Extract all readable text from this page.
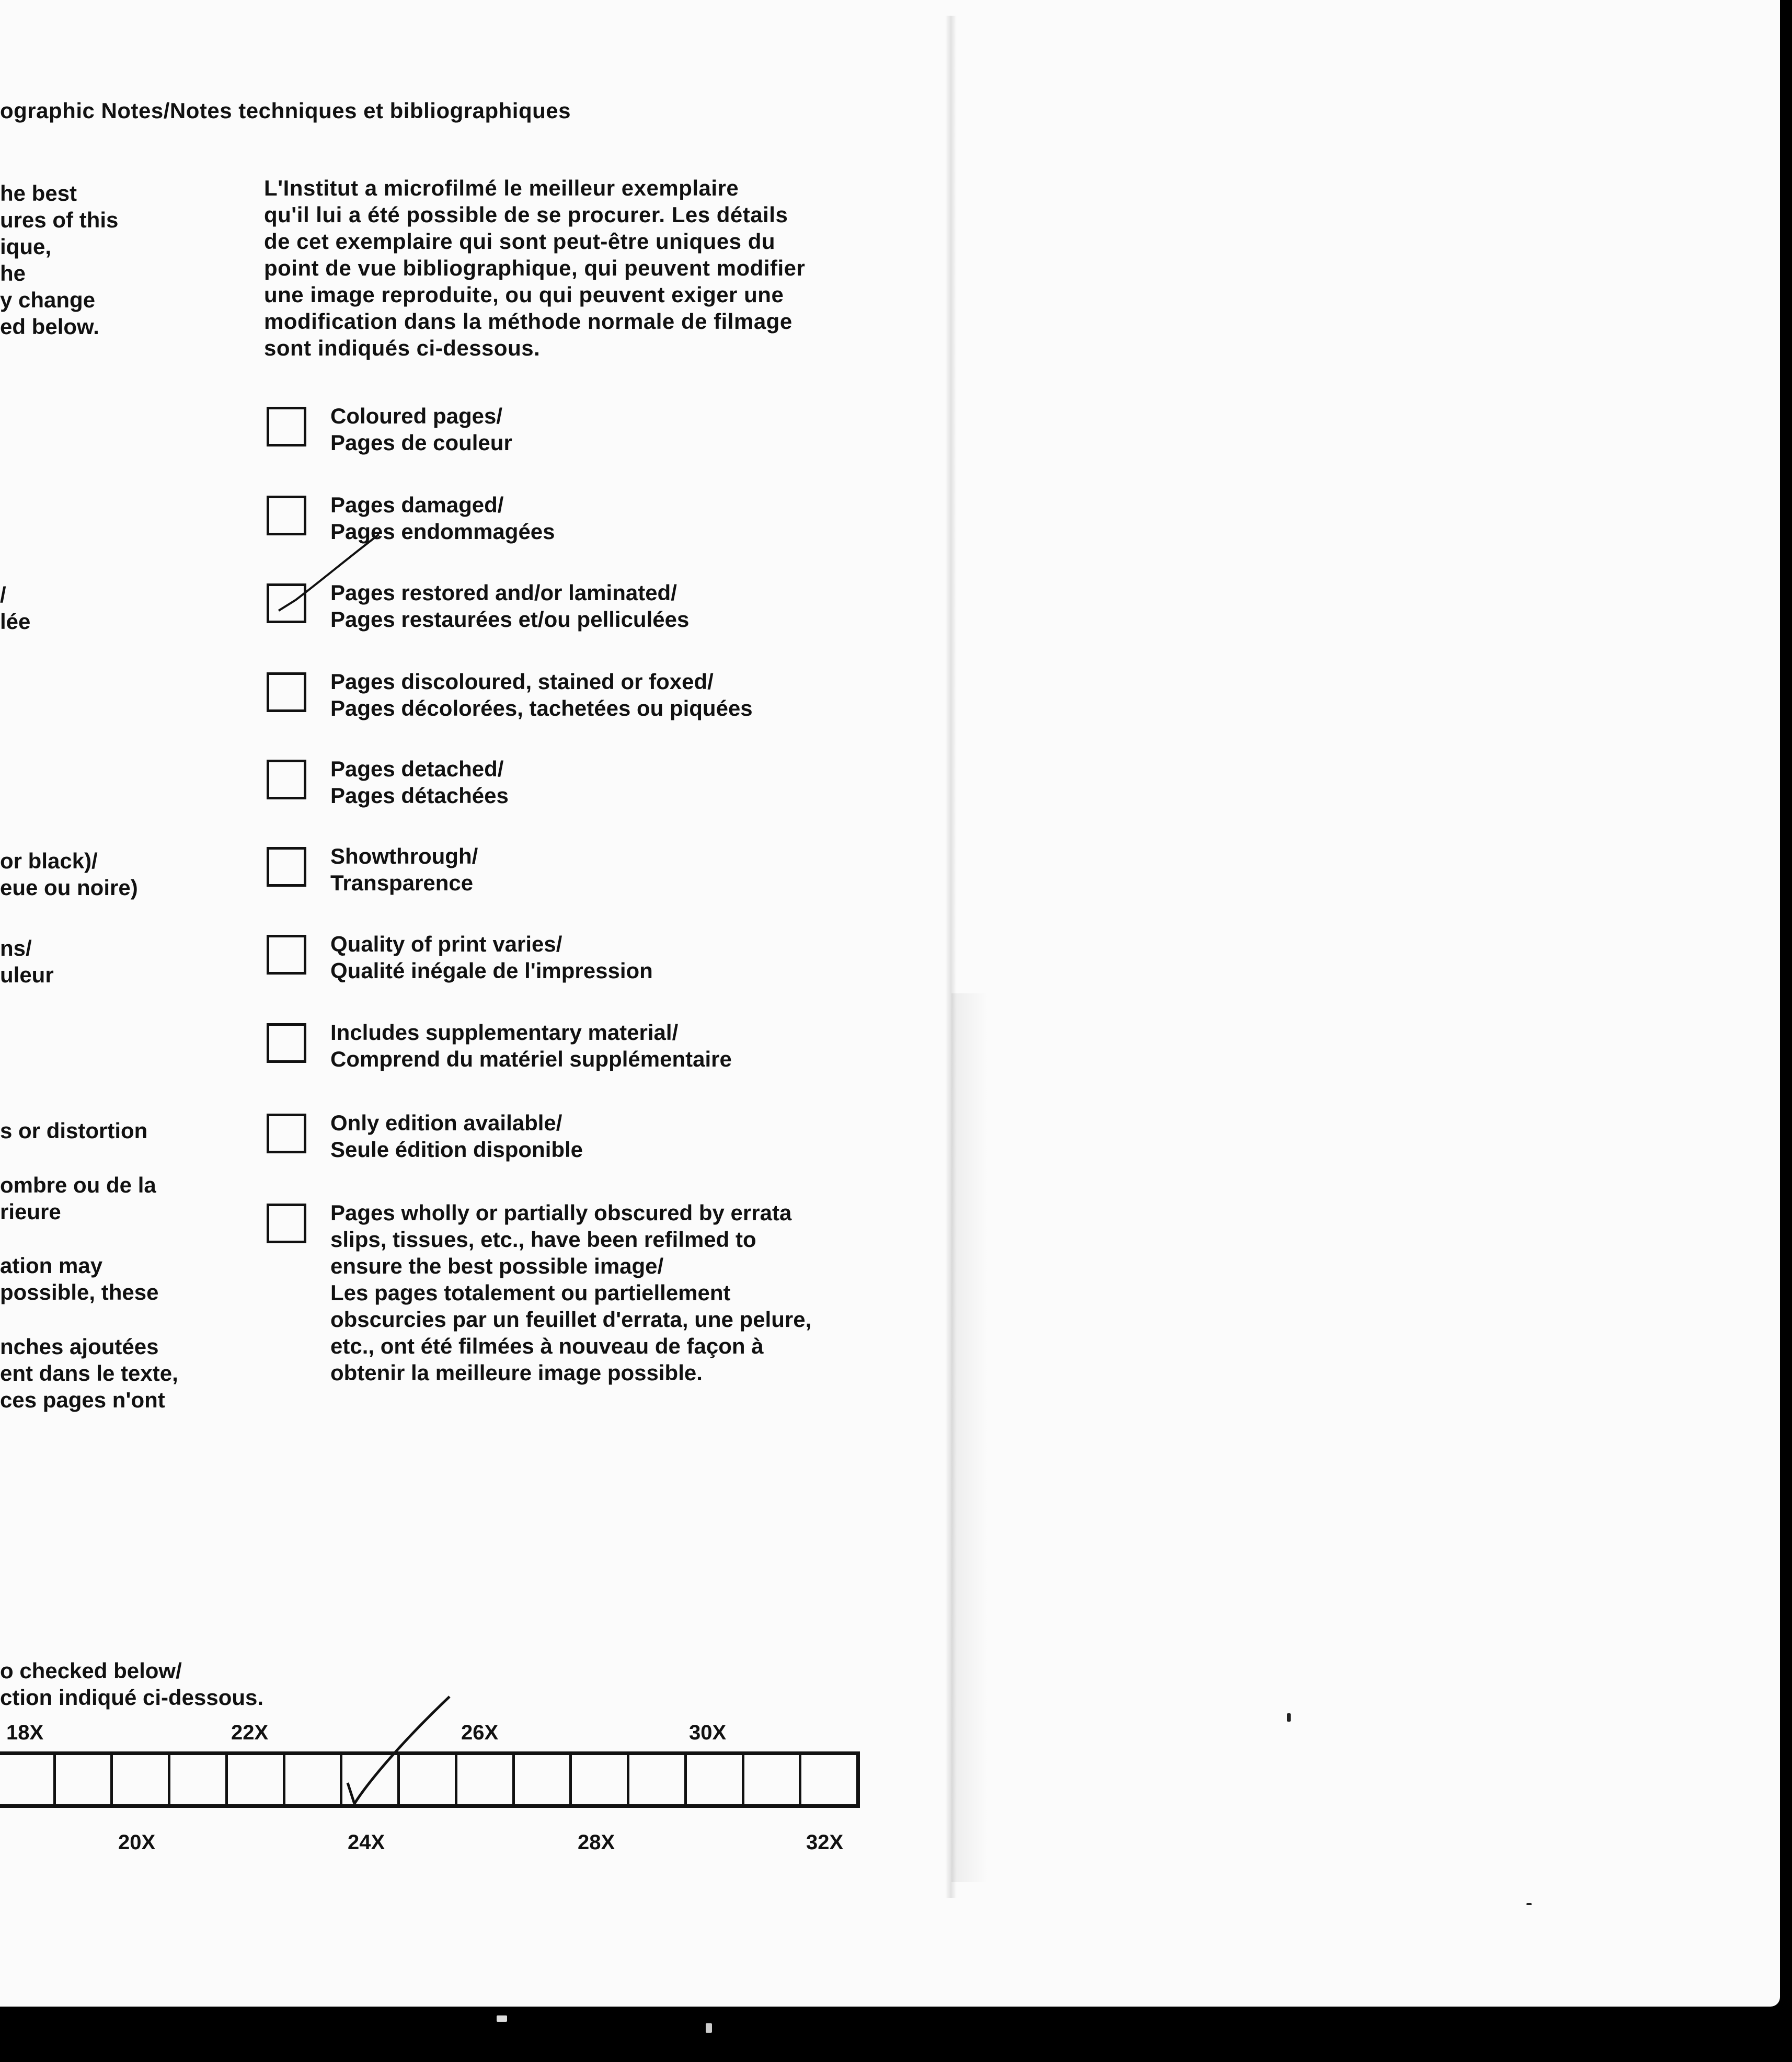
ographic Notes/Notes techniques et bibliographiques
he best
ures of this
ique,
he
y change
ed below.
/
lée
or black)/
eue ou noire)
ns/
uleur
s or distortion
ombre ou de la
rieure
ation may
possible, these
nches ajoutées
ent dans le texte,
ces pages n'ont
L'Institut a microfilmé le meilleur exemplaire
qu'il lui a été possible de se procurer. Les détails
de cet exemplaire qui sont peut-être uniques du
point de vue bibliographique, qui peuvent modifier
une image reproduite, ou qui peuvent exiger une
modification dans la méthode normale de filmage
sont indiqués ci-dessous.
Coloured pages/
Pages de couleur
Pages damaged/
Pages endommagées
Pages restored and/or laminated/
Pages restaurées et/ou pelliculées
Pages discoloured, stained or foxed/
Pages décolorées, tachetées ou piquées
Pages detached/
Pages détachées
Showthrough/
Transparence
Quality of print varies/
Qualité inégale de l'impression
Includes supplementary material/
Comprend du matériel supplémentaire
Only edition available/
Seule édition disponible
Pages wholly or partially obscured by errata
slips, tissues, etc., have been refilmed to
ensure the best possible image/
Les pages totalement ou partiellement
obscurcies par un feuillet d'errata, une pelure,
etc., ont été filmées à nouveau de façon à
obtenir la meilleure image possible.
o checked below/
ction indiqué ci-dessous.
18X	22X	26X	30X
20X	24X	28X	32X
